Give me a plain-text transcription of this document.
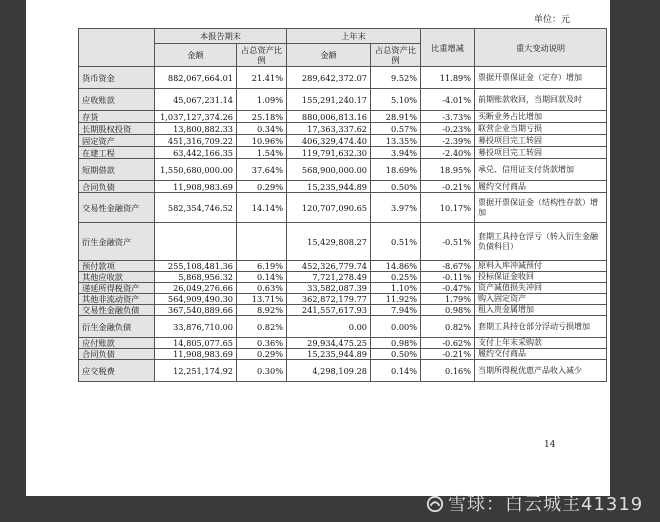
单位：元
	本报告期末		上年末		比重增减	重大变动说明
	金额	占总资产比例	金额	占总资产比例		
货币资金	882,067,664.01	21.41%	289,642,372.07	9.52%	11.89%	票据开票保证金（定存）增加
应收账款	45,067,231.14	1.09%	155,291,240.17	5.10%	-4.01%	前期账款收回，当期回款及时
存货	1,037,127,374.26	25.18%	880,006,813.16	28.91%	-3.73%	买断业务占比增加
长期股权投资	13,800,882.33	0.34%	17,363,337.62	0.57%	-0.23%	联营企业当期亏损
固定资产	451,316,709.22	10.96%	406,329,474.40	13.35%	-2.39%	募投项目完工转固
在建工程	63,442,166.35	1.54%	119,791,632.30	3.94%	-2.40%	募投项目完工转固
短期借款	1,550,680,000.00	37.64%	568,900,000.00	18.69%	18.95%	承兑、信用证支付货款增加
合同负债	11,908,983.69	0.29%	15,235,944.89	0.50%	-0.21%	履约交付商品
交易性金融资产	582,354,746.52	14.14%	120,707,090.65	3.97%	10.17%	票据开票保证金（结构性存款）增加
衍生金融资产			15,429,808.27	0.51%	-0.51%	套期工具持仓浮亏（转入衍生金融负债科目）
预付款项	255,108,481.36	6.19%	452,326,779.74	14.86%	-8.67%	原料入库冲减预付
其他应收款	5,868,956.32	0.14%	7,721,278.49	0.25%	-0.11%	投标保证金收回
递延所得税资产	26,049,276.66	0.63%	33,582,087.39	1.10%	-0.47%	资产减值损失冲回
其他非流动资产	564,909,490.30	13.71%	362,872,179.77	11.92%	1.79%	购入固定资产
交易性金融负债	367,540,889.66	8.92%	241,557,617.93	7.94%	0.98%	租入贵金属增加
衍生金融负债	33,876,710.00	0.82%	0.00	0.00%	0.82%	套期工具持仓部分浮动亏损增加
应付账款	14,805,077.65	0.36%	29,934,475.25	0.98%	-0.62%	支付上年末采购款
合同负债	11,908,983.69	0.29%	15,235,944.89	0.50%	-0.21%	履约交付商品
应交税费	12,251,174.92	0.30%	4,298,109.28	0.14%	0.16%	当期所得税优惠产品收入减少
14
雪球：白云城主41319
